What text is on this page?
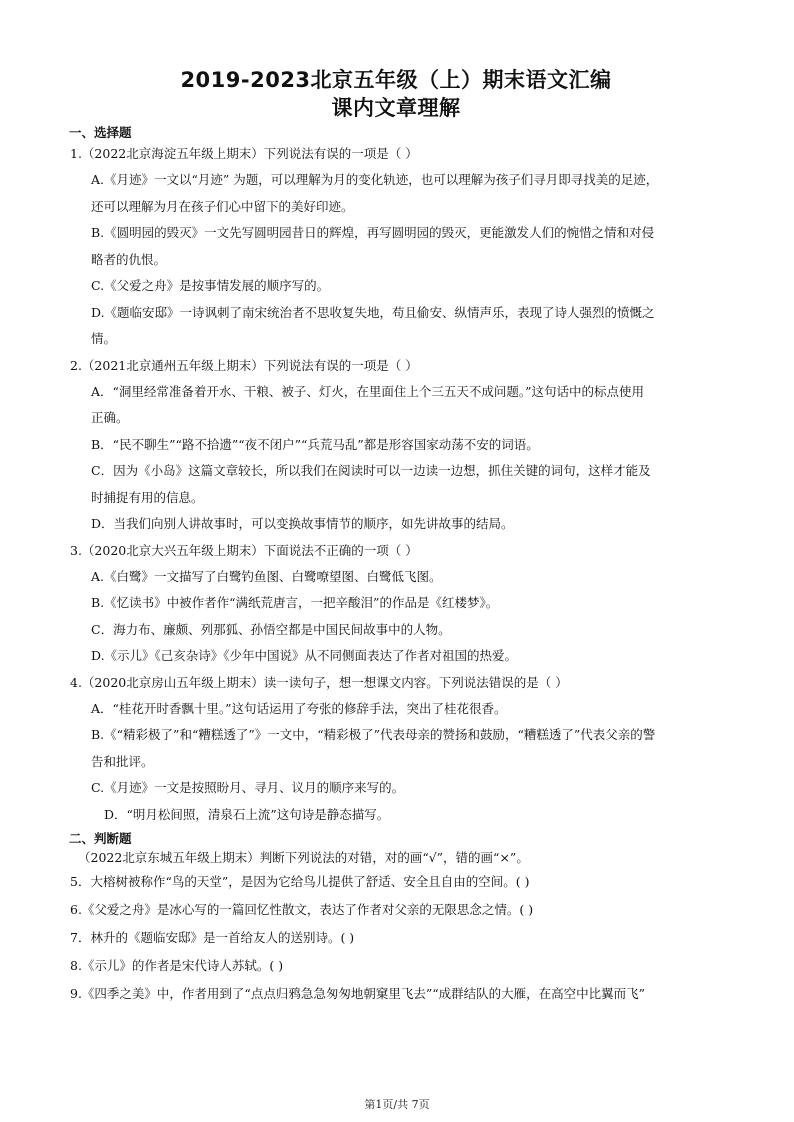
2019-2023北京五年级（上）期末语文汇编
课内文章理解
一、选择题
1.（2022北京海淀五年级上期末）下列说法有误的一项是（ ）
A.《月迹》一文以“月迹” 为题，可以理解为月的变化轨迹，也可以理解为孩子们寻月即寻找美的足迹，
还可以理解为月在孩子们心中留下的美好印迹。
B.《圆明园的毁灭》一文先写圆明园昔日的辉煌，再写圆明园的毁灭，更能激发人们的惋惜之情和对侵
略者的仇恨。
C.《父爱之舟》是按事情发展的顺序写的。
D.《题临安邸》一诗讽刺了南宋统治者不思收复失地，苟且偷安、纵情声乐，表现了诗人强烈的愤慨之
情。
2.（2021北京通州五年级上期末）下列说法有误的一项是（ ）
A．“洞里经常准备着开水、干粮、被子、灯火，在里面住上个三五天不成问题。”这句话中的标点使用
正确。
B．“民不聊生”“路不拾遗”“夜不闭户”“兵荒马乱”都是形容国家动荡不安的词语。
C．因为《小岛》这篇文章较长，所以我们在阅读时可以一边读一边想，抓住关键的词句，这样才能及
时捕捉有用的信息。
D．当我们向别人讲故事时，可以变换故事情节的顺序，如先讲故事的结局。
3.（2020北京大兴五年级上期末）下面说法不正确的一项（ ）
A.《白鹭》一文描写了白鹭钓鱼图、白鹭嘹望图、白鹭低飞图。
B.《忆读书》中被作者作“满纸荒唐言，一把辛酸泪”的作品是《红楼梦》。
C．海力布、廉颇、列那狐、孙悟空都是中国民间故事中的人物。
D.《示儿》《己亥杂诗》《少年中国说》从不同侧面表达了作者对祖国的热爱。
4.（2020北京房山五年级上期末）读一读句子，想一想课文内容。下列说法错误的是（ ）
A．“桂花开时香飘十里。”这句话运用了夸张的修辞手法，突出了桂花很香。
B.《“精彩极了”和“糟糕透了”》一文中，“精彩极了”代表母亲的赞扬和鼓励，“糟糕透了”代表父亲的警
告和批评。
C.《月迹》一文是按照盼月、寻月、议月的顺序来写的。
D．“明月松间照，清泉石上流”这句诗是静态描写。
二、判断题
（2022北京东城五年级上期末）判断下列说法的对错，对的画“√”，错的画“×”。
5．大榕树被称作“鸟的天堂”，是因为它给鸟儿提供了舒适、安全且自由的空间。( )
6.《父爱之舟》是冰心写的一篇回忆性散文，表达了作者对父亲的无限思念之情。( )
7．林升的《题临安邸》是一首给友人的送别诗。( )
8.《示儿》的作者是宋代诗人苏轼。( )
9.《四季之美》中，作者用到了“点点归鸦急急匆匆地朝窠里飞去”“成群结队的大雁，在高空中比翼而飞”
第1页/共 7页
